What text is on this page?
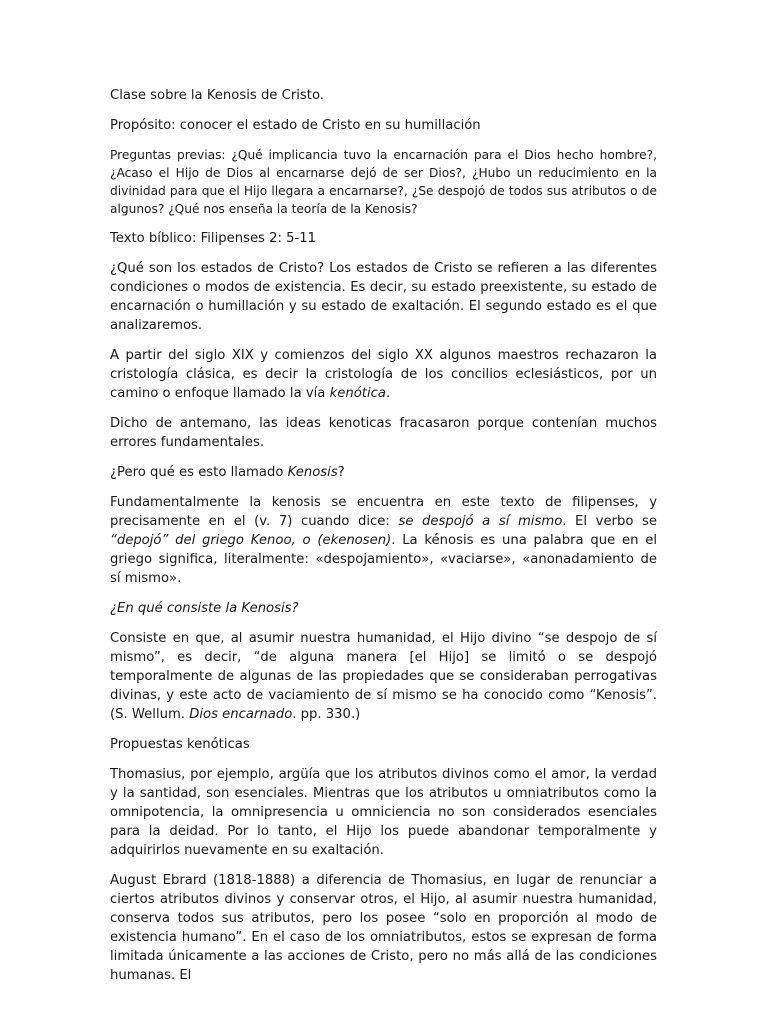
Clase sobre la Kenosis de Cristo.

Propósito: conocer el estado de Cristo en su humillación

Preguntas previas: ¿Qué implicancia tuvo la encarnación para el Dios hecho hombre?, ¿Acaso el Hijo de Dios al encarnarse dejó de ser Dios?, ¿Hubo un reducimiento en la divinidad para que el Hijo llegara a encarnarse?, ¿Se despojó de todos sus atributos o de algunos? ¿Qué nos enseña la teoría de la Kenosis?

Texto bíblico: Filipenses 2: 5-11

¿Qué son los estados de Cristo? Los estados de Cristo se refieren a las diferentes condiciones o modos de existencia. Es decir, su estado preexistente, su estado de encarnación o humillación y su estado de exaltación. El segundo estado es el que analizaremos.

A partir del siglo XIX y comienzos del siglo XX algunos maestros rechazaron la cristología clásica, es decir la cristología de los concilios eclesiásticos, por un camino o enfoque llamado la vía kenótica.

Dicho de antemano, las ideas kenoticas fracasaron porque contenían muchos errores fundamentales.

¿Pero qué es esto llamado Kenosis?

Fundamentalmente la kenosis se encuentra en este texto de filipenses, y precisamente en el (v. 7) cuando dice: se despojó a sí mismo. El verbo se “depojó” del griego Kenoo, o (ekenosen). La kénosis es una palabra que en el griego significa, literalmente: «despojamiento», «vaciarse», «anonadamiento de sí mismo».

¿En qué consiste la Kenosis?

Consiste en que, al asumir nuestra humanidad, el Hijo divino “se despojo de sí mismo”, es decir, “de alguna manera [el Hijo] se limitó o se despojó temporalmente de algunas de las propiedades que se consideraban perrogativas divinas, y este acto de vaciamiento de sí mismo se ha conocido como “Kenosis”. (S. Wellum. Dios encarnado. pp. 330.)

Propuestas kenóticas

Thomasius, por ejemplo, argüía que los atributos divinos como el amor, la verdad y la santidad, son esenciales. Mientras que los atributos u omniatributos como la omnipotencia, la omnipresencia u omniciencia no son considerados esenciales para la deidad. Por lo tanto, el Hijo los puede abandonar temporalmente y adquirirlos nuevamente en su exaltación.

August Ebrard (1818-1888) a diferencia de Thomasius, en lugar de renunciar a ciertos atributos divinos y conservar otros, el Hijo, al asumir nuestra humanidad, conserva todos sus atributos, pero los posee “solo en proporción al modo de existencia humano”. En el caso de los omniatributos, estos se expresan de forma limitada únicamente a las acciones de Cristo, pero no más allá de las condiciones humanas. El
